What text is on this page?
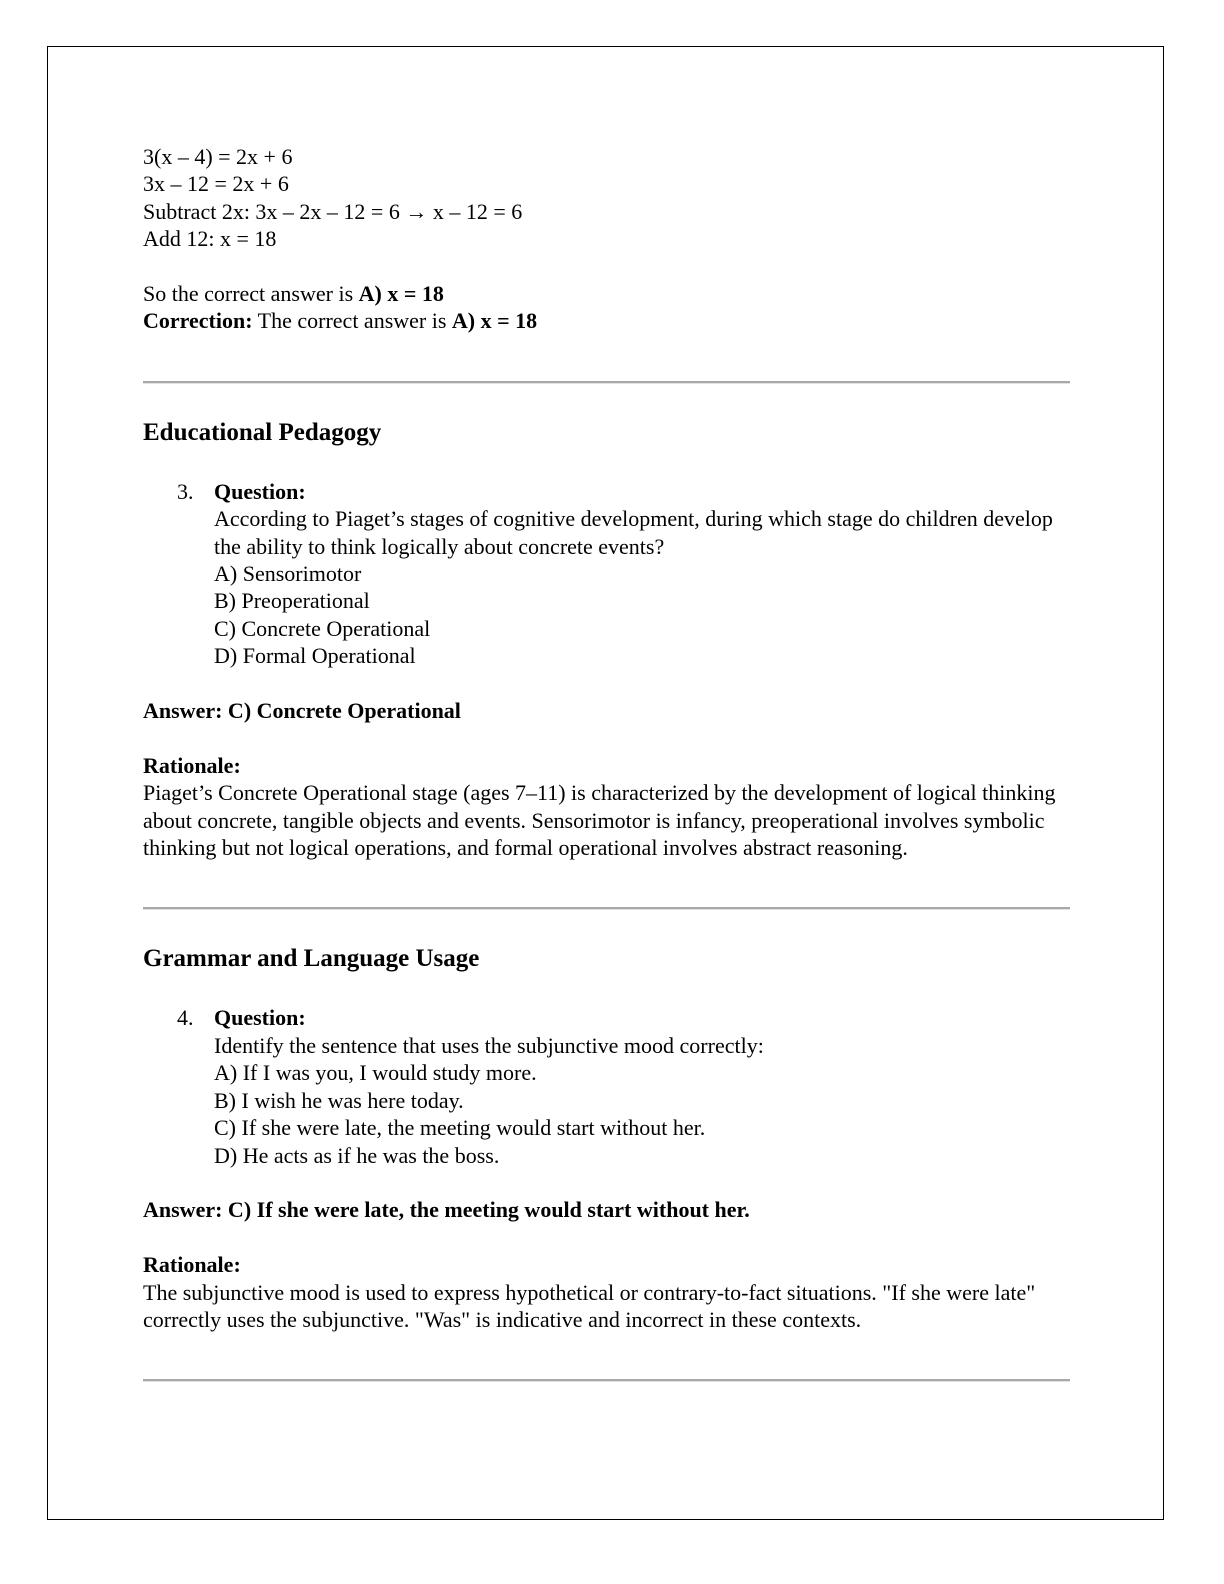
3(x – 4) = 2x + 6
3x – 12 = 2x + 6
Subtract 2x: 3x – 2x – 12 = 6 → x – 12 = 6
Add 12: x = 18
So the correct answer is A) x = 18
Correction: The correct answer is A) x = 18
Educational Pedagogy
3. Question:
According to Piaget’s stages of cognitive development, during which stage do children develop the ability to think logically about concrete events?
A) Sensorimotor
B) Preoperational
C) Concrete Operational
D) Formal Operational
Answer: C) Concrete Operational
Rationale:
Piaget’s Concrete Operational stage (ages 7–11) is characterized by the development of logical thinking about concrete, tangible objects and events. Sensorimotor is infancy, preoperational involves symbolic thinking but not logical operations, and formal operational involves abstract reasoning.
Grammar and Language Usage
4. Question:
Identify the sentence that uses the subjunctive mood correctly:
A) If I was you, I would study more.
B) I wish he was here today.
C) If she were late, the meeting would start without her.
D) He acts as if he was the boss.
Answer: C) If she were late, the meeting would start without her.
Rationale:
The subjunctive mood is used to express hypothetical or contrary-to-fact situations. "If she were late" correctly uses the subjunctive. "Was" is indicative and incorrect in these contexts.
